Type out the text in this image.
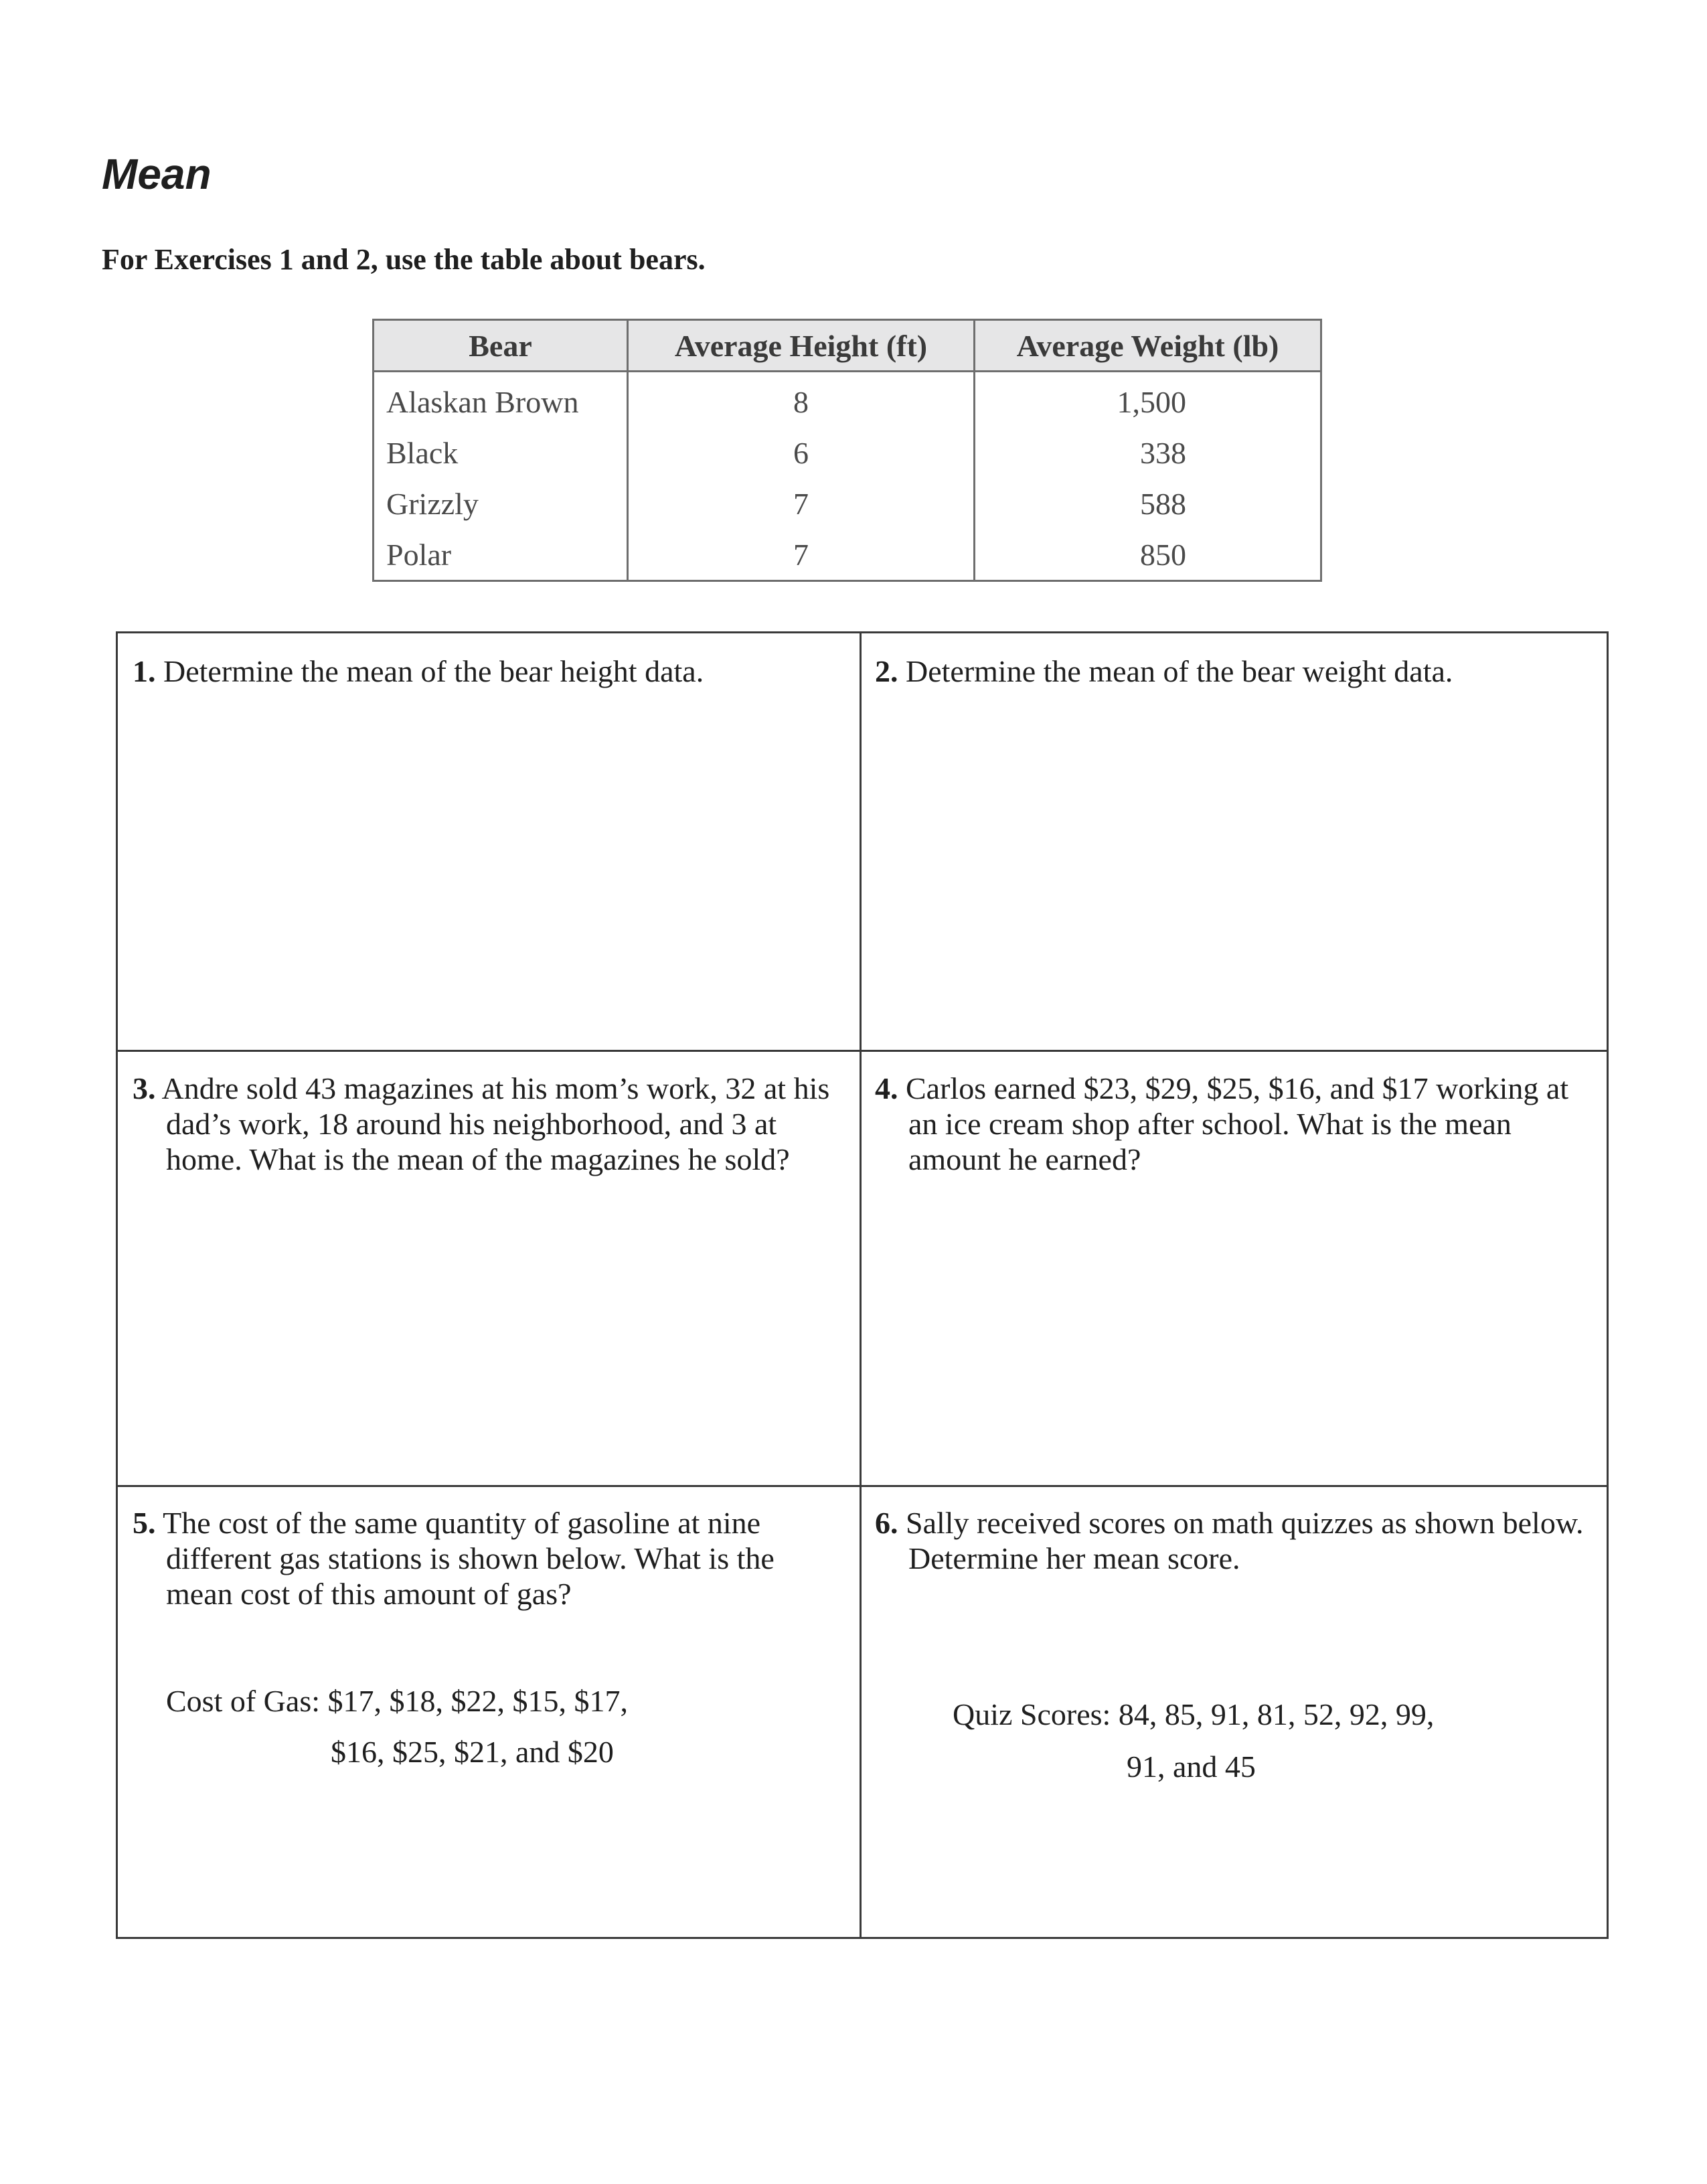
Mean
For Exercises 1 and 2, use the table about bears.
Bear	Average Height (ft)	Average Weight (lb)
Alaskan Brown	8	1,500
Black	6	338
Grizzly	7	588
Polar	7	850
1. Determine the mean of the bear height data.	2. Determine the mean of the bear weight data.
3. Andre sold 43 magazines at his mom’s work, 32 at his dad’s work, 18 around his neighborhood, and 3 at home. What is the mean of the magazines he sold?
4. Carlos earned $23, $29, $25, $16, and $17 working at an ice cream shop after school. What is the mean amount he earned?
5. The cost of the same quantity of gasoline at nine different gas stations is shown below. What is the mean cost of this amount of gas?
Cost of Gas: $17, $18, $22, $15, $17,
$16, $25, $21, and $20
6. Sally received scores on math quizzes as shown below. Determine her mean score.
Quiz Scores: 84, 85, 91, 81, 52, 92, 99,
91, and 45
